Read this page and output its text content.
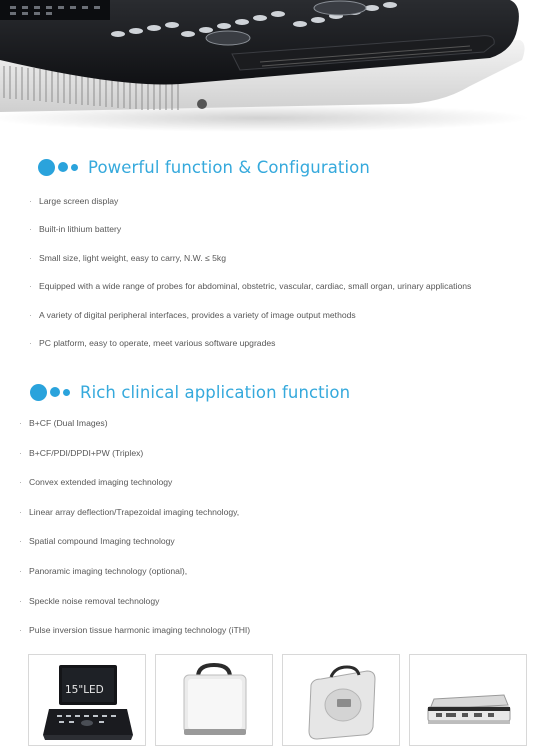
Powerful function & Configuration
· Large screen display
· Built-in lithium battery
· Small size, light weight, easy to carry, N.W. ≤ 5kg
· Equipped with a wide range of probes for abdominal, obstetric, vascular, cardiac, small organ, urinary applications
· A variety of digital peripheral interfaces, provides a variety of image output methods
· PC platform, easy to operate, meet various software upgrades
Rich clinical application function
· B+CF (Dual Images)
· B+CF/PDI/DPDI+PW (Triplex)
· Convex extended imaging technology
· Linear array deflection/Trapezoidal imaging technology,
· Spatial compound Imaging technology
· Panoramic imaging technology (optional),
· Speckle noise removal technology
· Pulse inversion tissue harmonic imaging technology (iTHI)
15"LED
